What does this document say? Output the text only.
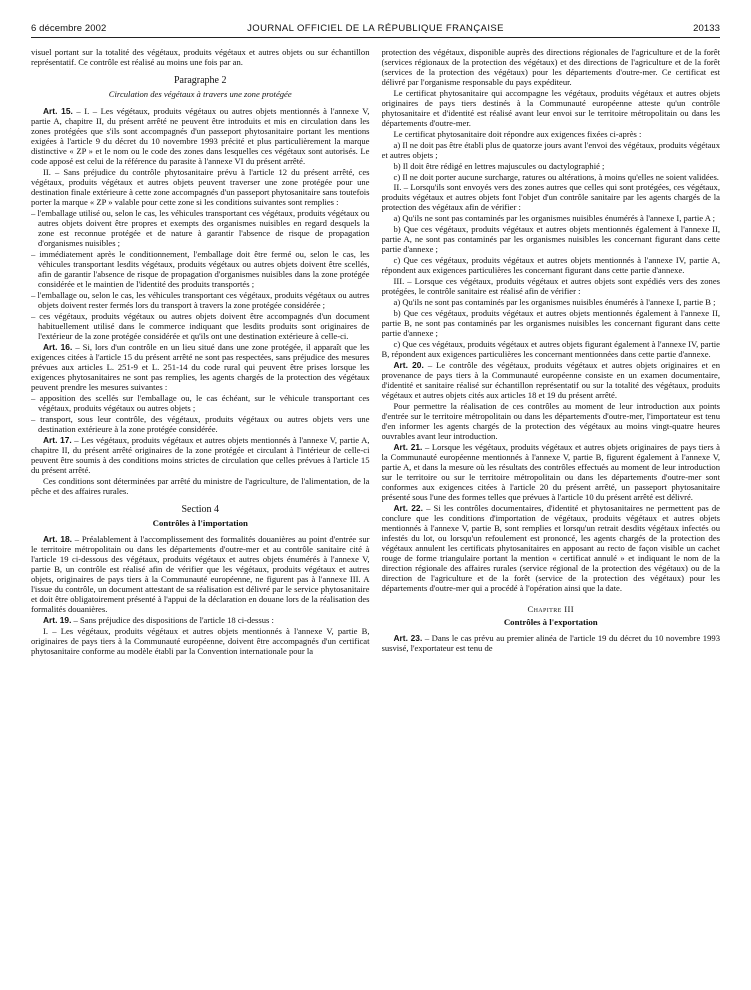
6 décembre 2002	JOURNAL OFFICIEL DE LA RÉPUBLIQUE FRANÇAISE	20133

visuel portant sur la totalité des végétaux, produits végétaux et autres objets ou sur échantillon représentatif. Ce contrôle est réalisé au moins une fois par an.

Paragraphe 2
Circulation des végétaux à travers une zone protégée

Art. 15. – I. – Les végétaux, produits végétaux ou autres objets mentionnés à l'annexe V, partie A, chapitre II, du présent arrêté ne peuvent être introduits et mis en circulation dans les zones protégées que s'ils sont accompagnés d'un passeport phytosanitaire portant les mentions exigées à l'article 9 du décret du 10 novembre 1993 précité et plus particulièrement la marque distinctive « ZP » et le nom ou le code des zones dans lesquelles ces végétaux sont autorisés. Le code apposé est celui de la référence du parasite à l'annexe VI du présent arrêté.

II. – Sans préjudice du contrôle phytosanitaire prévu à l'article 12 du présent arrêté, ces végétaux, produits végétaux et autres objets peuvent traverser une zone protégée pour une destination finale extérieure à cette zone accompagnés d'un passeport phytosanitaire sans toutefois porter la marque « ZP » valable pour cette zone si les conditions suivantes sont remplies :

– l'emballage utilisé ou, selon le cas, les véhicules transportant ces végétaux, produits végétaux ou autres objets doivent être propres et exempts des organismes nuisibles en regard desquels la zone est reconnue protégée et de nature à garantir l'absence de risque de propagation d'organismes nuisibles ;

– immédiatement après le conditionnement, l'emballage doit être fermé ou, selon le cas, les véhicules transportant lesdits végétaux, produits végétaux ou autres objets doivent être scellés, afin de garantir l'absence de risque de propagation d'organismes nuisibles dans la zone protégée considérée et le maintien de l'identité des produits transportés ;

– l'emballage ou, selon le cas, les véhicules transportant ces végétaux, produits végétaux ou autres objets doivent rester fermés lors du transport à travers la zone protégée considérée ;

– ces végétaux, produits végétaux ou autres objets doivent être accompagnés d'un document habituellement utilisé dans le commerce indiquant que lesdits produits sont originaires de l'extérieur de la zone protégée considérée et qu'ils ont une destination extérieure à celle-ci.

Art. 16. – Si, lors d'un contrôle en un lieu situé dans une zone protégée, il apparaît que les exigences citées à l'article 15 du présent arrêté ne sont pas respectées, sans préjudice des mesures prévues aux articles L. 251-9 et L. 251-14 du code rural qui peuvent être prises lorsque les exigences phytosanitaires ne sont pas remplies, les agents chargés de la protection des végétaux peuvent prendre les mesures suivantes :

– apposition des scellés sur l'emballage ou, le cas échéant, sur le véhicule transportant ces végétaux, produits végétaux ou autres objets ;

– transport, sous leur contrôle, des végétaux, produits végétaux ou autres objets vers une destination extérieure à la zone protégée considérée.

Art. 17. – Les végétaux, produits végétaux et autres objets mentionnés à l'annexe V, partie A, chapitre II, du présent arrêté originaires de la zone protégée et circulant à l'intérieur de celle-ci peuvent être soumis à des conditions moins strictes de circulation que celles prévues à l'article 15 du présent arrêté.

Ces conditions sont déterminées par arrêté du ministre de l'agriculture, de l'alimentation, de la pêche et des affaires rurales.

Section 4
Contrôles à l'importation

Art. 18. – Préalablement à l'accomplissement des formalités douanières au point d'entrée sur le territoire métropolitain ou dans les départements d'outre-mer et au contrôle sanitaire cité à l'article 19 ci-dessous des végétaux, produits végétaux et autres objets énumérés à l'annexe V, partie B, un contrôle est réalisé afin de vérifier que les végétaux, produits végétaux et autres objets, originaires de pays tiers à la Communauté européenne, ne figurent pas à l'annexe III. A l'issue du contrôle, un document attestant de sa réalisation est délivré par le service phytosanitaire et doit être obligatoirement présenté à l'appui de la déclaration en douane lors de la réalisation des formalités douanières.

Art. 19. – Sans préjudice des dispositions de l'article 18 ci-dessus :

I. – Les végétaux, produits végétaux et autres objets mentionnés à l'annexe V, partie B, originaires de pays tiers à la Communauté européenne, doivent être accompagnés d'un certificat phytosanitaire conforme au modèle établi par la Convention internationale pour la

protection des végétaux, disponible auprès des directions régionales de l'agriculture et de la forêt (services régionaux de la protection des végétaux) et des directions de l'agriculture et de la forêt (services de la protection des végétaux) pour les départements d'outre-mer. Ce certificat est délivré par l'organisme responsable du pays expéditeur.

Le certificat phytosanitaire qui accompagne les végétaux, produits végétaux et autres objets originaires de pays tiers destinés à la Communauté européenne atteste qu'un contrôle phytosanitaire et d'identité est réalisé avant leur envoi sur le territoire métropolitain ou dans les départements d'outre-mer.

Le certificat phytosanitaire doit répondre aux exigences fixées ci-après :

a) Il ne doit pas être établi plus de quatorze jours avant l'envoi des végétaux, produits végétaux et autres objets ;

b) Il doit être rédigé en lettres majuscules ou dactylographié ;

c) Il ne doit porter aucune surcharge, ratures ou altérations, à moins qu'elles ne soient validées.

II. – Lorsqu'ils sont envoyés vers des zones autres que celles qui sont protégées, ces végétaux, produits végétaux et autres objets font l'objet d'un contrôle sanitaire par les agents chargés de la protection des végétaux afin de vérifier :

a) Qu'ils ne sont pas contaminés par les organismes nuisibles énumérés à l'annexe I, partie A ;

b) Que ces végétaux, produits végétaux et autres objets mentionnés également à l'annexe II, partie A, ne sont pas contaminés par les organismes nuisibles les concernant figurant dans cette partie d'annexe ;

c) Que ces végétaux, produits végétaux et autres objets mentionnés à l'annexe IV, partie A, répondent aux exigences particulières les concernant figurant dans cette partie d'annexe.

III. – Lorsque ces végétaux, produits végétaux et autres objets sont expédiés vers des zones protégées, le contrôle sanitaire est réalisé afin de vérifier :

a) Qu'ils ne sont pas contaminés par les organismes nuisibles énumérés à l'annexe I, partie B ;

b) Que ces végétaux, produits végétaux et autres objets mentionnés également à l'annexe II, partie B, ne sont pas contaminés par les organismes nuisibles les concernant figurant dans cette partie d'annexe ;

c) Que ces végétaux, produits végétaux et autres objets figurant également à l'annexe IV, partie B, répondent aux exigences particulières les concernant mentionnées dans cette partie d'annexe.

Art. 20. – Le contrôle des végétaux, produits végétaux et autres objets originaires et en provenance de pays tiers à la Communauté européenne consiste en un examen documentaire, d'identité et sanitaire réalisé sur échantillon représentatif ou sur la totalité des végétaux, produits végétaux et autres objets cités aux articles 18 et 19 du présent arrêté.

Pour permettre la réalisation de ces contrôles au moment de leur introduction aux points d'entrée sur le territoire métropolitain ou dans les départements d'outre-mer, l'importateur est tenu d'en informer les agents chargés de la protection des végétaux au moins vingt-quatre heures ouvrables avant leur introduction.

Art. 21. – Lorsque les végétaux, produits végétaux et autres objets originaires de pays tiers à la Communauté européenne mentionnés à l'annexe V, partie B, figurent également à l'annexe V, partie A, et dans la mesure où les résultats des contrôles effectués au moment de leur introduction sur le territoire ou sur le territoire métropolitain ou dans les départements d'outre-mer sont conformes aux exigences citées à l'article 20 du présent arrêté, un passeport phytosanitaire présenté sous l'une des formes telles que prévues à l'article 10 du présent arrêté est délivré.

Art. 22. – Si les contrôles documentaires, d'identité et phytosanitaires ne permettent pas de conclure que les conditions d'importation de végétaux, produits végétaux et autres objets mentionnés à l'annexe V, partie B, sont remplies et lorsqu'un retrait desdits végétaux infectés ou infestés du lot, ou lorsqu'un refoulement est prononcé, les agents chargés de la protection des végétaux annulent les certificats phytosanitaires en apposant au recto de façon visible un cachet rouge de forme triangulaire portant la mention « certificat annulé » et indiquant le nom de la direction régionale des affaires rurales (service régional de la protection des végétaux) ou de la direction de l'agriculture et de la forêt (service de la protection des végétaux) pour les départements d'outre-mer qui a procédé à l'opération ainsi que la date.

Chapitre III
Contrôles à l'exportation

Art. 23. – Dans le cas prévu au premier alinéa de l'article 19 du décret du 10 novembre 1993 susvisé, l'exportateur est tenu de
